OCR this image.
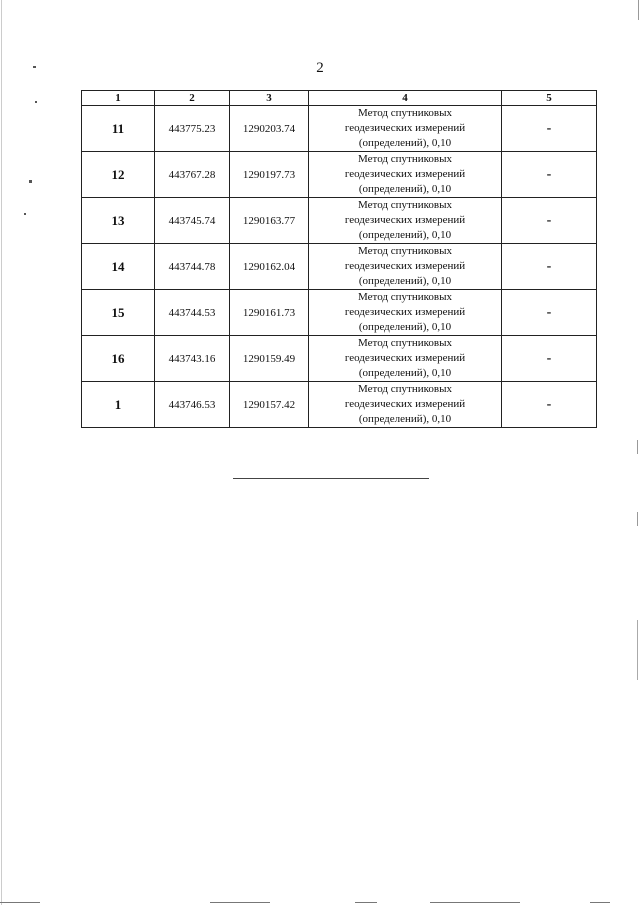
2
1	2	3	4	5
11	443775.23	1290203.74	Метод спутниковых
геодезических измерений
(определений), 0,10	-
12	443767.28	1290197.73	Метод спутниковых
геодезических измерений
(определений), 0,10	-
13	443745.74	1290163.77	Метод спутниковых
геодезических измерений
(определений), 0,10	-
14	443744.78	1290162.04	Метод спутниковых
геодезических измерений
(определений), 0,10	-
15	443744.53	1290161.73	Метод спутниковых
геодезических измерений
(определений), 0,10	-
16	443743.16	1290159.49	Метод спутниковых
геодезических измерений
(определений), 0,10	-
1	443746.53	1290157.42	Метод спутниковых
геодезических измерений
(определений), 0,10	-
